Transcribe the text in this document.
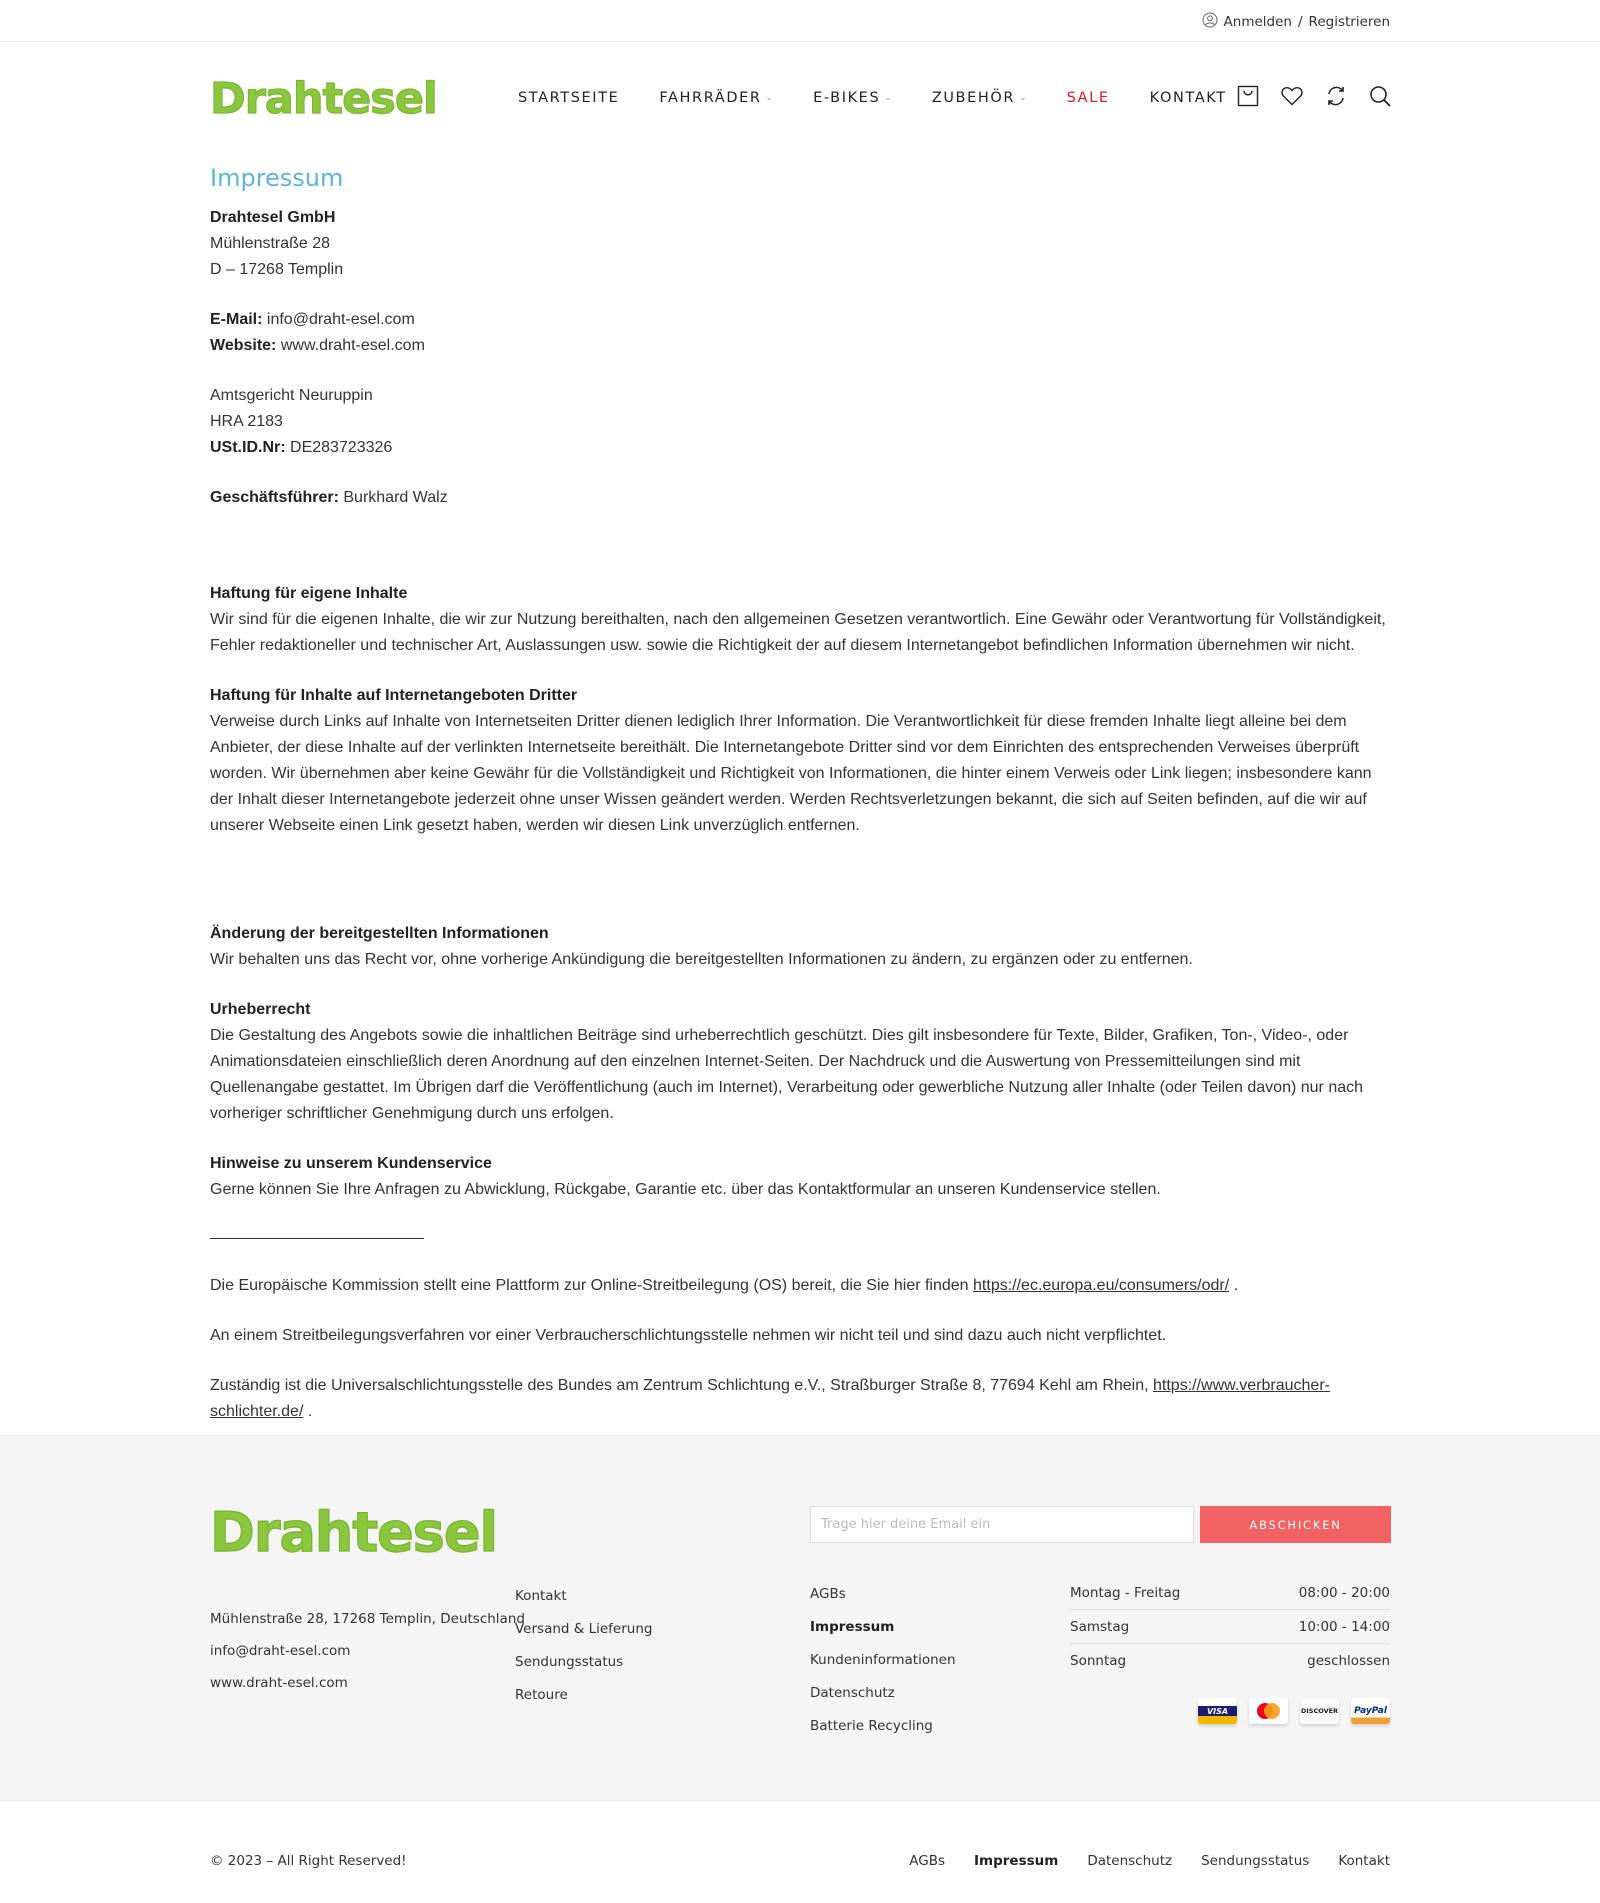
Anmelden / Registrieren
Drahtesel	STARTSEITE	FAHRRÄDER ⌄	E-BIKES ⌄	ZUBEHÖR ⌄	SALE	KONTAKT
Impressum
Drahtesel GmbH
Mühlenstraße 28
D – 17268 Templin
E-Mail: info@draht-esel.com
Website: www.draht-esel.com
Amtsgericht Neuruppin
HRA 2183
USt.ID.Nr: DE283723326
Geschäftsführer: Burkhard Walz
Haftung für eigene Inhalte
Wir sind für die eigenen Inhalte, die wir zur Nutzung bereithalten, nach den allgemeinen Gesetzen verantwortlich. Eine Gewähr oder Verantwortung für Vollständigkeit, Fehler redaktioneller und technischer Art, Auslassungen usw. sowie die Richtigkeit der auf diesem Internetangebot befindlichen Information übernehmen wir nicht.
Haftung für Inhalte auf Internetangeboten Dritter
Verweise durch Links auf Inhalte von Internetseiten Dritter dienen lediglich Ihrer Information. Die Verantwortlichkeit für diese fremden Inhalte liegt alleine bei dem Anbieter, der diese Inhalte auf der verlinkten Internetseite bereithält. Die Internetangebote Dritter sind vor dem Einrichten des entsprechenden Verweises überprüft worden. Wir übernehmen aber keine Gewähr für die Vollständigkeit und Richtigkeit von Informationen, die hinter einem Verweis oder Link liegen; insbesondere kann der Inhalt dieser Internetangebote jederzeit ohne unser Wissen geändert werden. Werden Rechtsverletzungen bekannt, die sich auf Seiten befinden, auf die wir auf unserer Webseite einen Link gesetzt haben, werden wir diesen Link unverzüglich entfernen.
Änderung der bereitgestellten Informationen
Wir behalten uns das Recht vor, ohne vorherige Ankündigung die bereitgestellten Informationen zu ändern, zu ergänzen oder zu entfernen.
Urheberrecht
Die Gestaltung des Angebots sowie die inhaltlichen Beiträge sind urheberrechtlich geschützt. Dies gilt insbesondere für Texte, Bilder, Grafiken, Ton-, Video-, oder Animationsdateien einschließlich deren Anordnung auf den einzelnen Internet-Seiten. Der Nachdruck und die Auswertung von Pressemitteilungen sind mit Quellenangabe gestattet. Im Übrigen darf die Veröffentlichung (auch im Internet), Verarbeitung oder gewerbliche Nutzung aller Inhalte (oder Teilen davon) nur nach vorheriger schriftlicher Genehmigung durch uns erfolgen.
Hinweise zu unserem Kundenservice
Gerne können Sie Ihre Anfragen zu Abwicklung, Rückgabe, Garantie etc. über das Kontaktformular an unseren Kundenservice stellen.
Die Europäische Kommission stellt eine Plattform zur Online-Streitbeilegung (OS) bereit, die Sie hier finden https://ec.europa.eu/consumers/odr/ .
An einem Streitbeilegungsverfahren vor einer Verbraucherschlichtungsstelle nehmen wir nicht teil und sind dazu auch nicht verpflichtet.
Zuständig ist die Universalschlichtungsstelle des Bundes am Zentrum Schlichtung e.V., Straßburger Straße 8, 77694 Kehl am Rhein, https://www.verbraucher-schlichter.de/ .
Drahtesel
Mühlenstraße 28, 17268 Templin, Deutschland
info@draht-esel.com
www.draht-esel.com
Kontakt
Versand & Lieferung
Sendungsstatus
Retoure
Trage hier deine Email ein
ABSCHICKEN
AGBs
Impressum
Kundeninformationen
Datenschutz
Batterie Recycling
Montag - Freitag	08:00 - 20:00
Samstag	10:00 - 14:00
Sonntag	geschlossen
VISA	DISCOVER PayPal
© 2023 – All Right Reserved!	AGBs Impressum Datenschutz Sendungsstatus Kontakt
